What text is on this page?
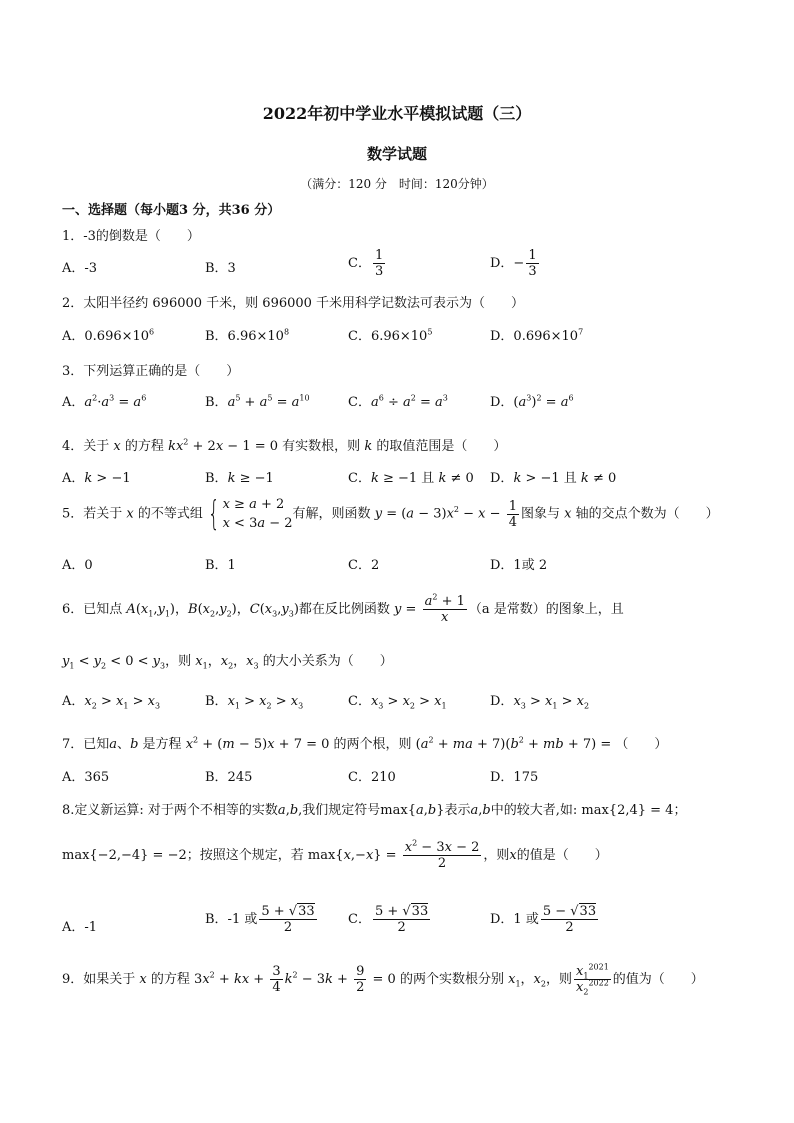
2022年初中学业水平模拟试题（三）
数学试题
（满分：120 分　时间：120分钟）
一、选择题（每小题3 分，共36 分）
1．-3的倒数是（　　）
A．-3	B．3	C． $\frac{1}{3}$	D．− $\frac{1}{3}$
2．太阳半径约 696000 千米，则 696000 千米用科学记数法可表示为（　　）
A．$0.696\times 10^6$	B．$6.96\times 10^8$	C．$6.96\times 10^5$	D．$0.696\times 10^7$
3．下列运算正确的是（　　）
A．$a^2\cdot a^3 = a^6$	B．$a^5 + a^5 = a^{10}$	C．$a^6 \div a^2 = a^3$	D．$(a^3)^2 = a^6$
4．关于 x 的方程 $kx^2 + 2x - 1 = 0$ 有实数根，则 k 的取值范围是（　　）
A．k > −1	B．k ≥ −1	C．k ≥ −1 且 k ≠ 0 D．k > −1 且 k ≠ 0
5．若关于 x 的不等式组 { x ≥ a + 2
x < 3a − 2
有解，则函数 $y = (a - 3)x^2 - x - \frac{1}{4}$ 图象与 x 轴的交点个数为（　　）
A．0	B．1	C．2	D．1或 2
6．已知点 $A(x_1,y_1)$，$B(x_2,y_2)$，$C(x_3,y_3)$都在反比例函数 $y = \frac{a^2 + 1}{x} (a$ 是常数）的图象上，且
$y_1 < y_2 < 0 < y_3$，则 $x_1$，$x_2$，$x_3$ 的大小关系为（　　）
A．$x_2 > x_1 > x_3$	B．$x_1 > x_2 > x_3$	C．$x_3 > x_2 > x_1$	D．$x_3 > x_1 > x_2$
7．已知a、b 是方程 $x^2 + (m - 5)x + 7 = 0$ 的两个根，则 ($a^2$ + ma + $7)(b^2$ + mb + 7) = （　　）
A．365	B．245	C．210	D．175
8.定义新运算: 对于两个不相等的实数a,b,我们规定符号max{a,b}表示a,b中的较大者,如: max{2,4} = 4；
max{−2,−4} = −2；按照这个规定，若 $\max\{x,-x\} = \frac{x^2 - 3x - 2}{2}$ ，则x的值是（　　）
A．-1
B．-1 或 $\frac{5 + √33}{2}$ C． $\frac{5 + √33}{2}$	D．1 或 $\frac{5 - √33}{2}$
9．如果关于 x 的方程 $3x^2$ + kx + $\frac{3}{4} k^2 - 3k + \frac{9}{2} = 0$ 的两个实数根分别 $x_1$，$x_2$，则 $\frac{x_1^{2021}}{x_2^{2022}}$ 的值为（　　）
